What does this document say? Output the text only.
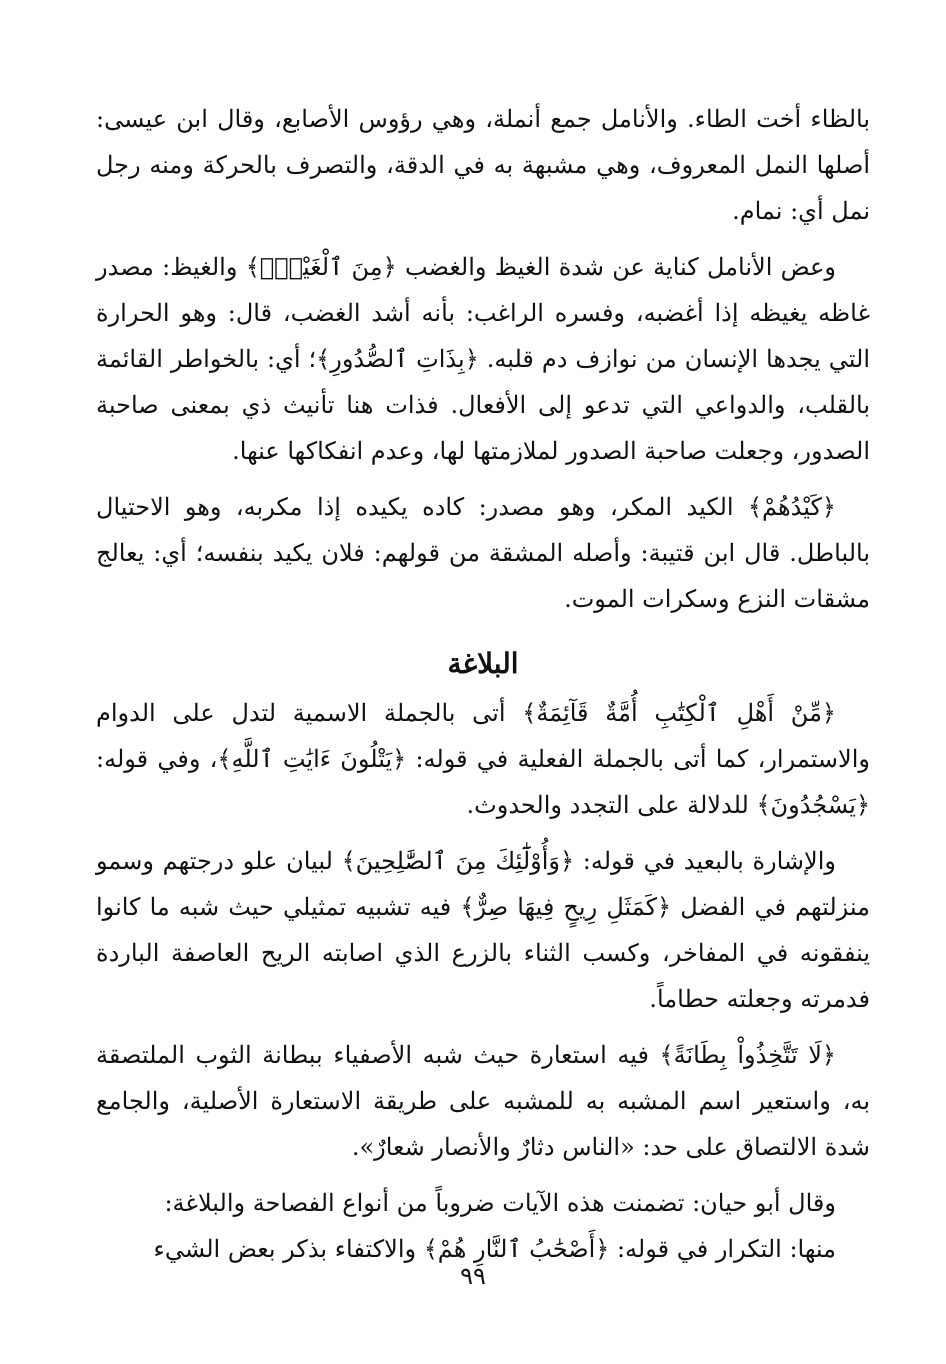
بالظاء أخت الطاء. والأنامل جمع أنملة، وهي رؤوس الأصابع، وقال ابن عيسى: أصلها النمل المعروف، وهي مشبهة به في الدقة، والتصرف بالحركة ومنه رجل نمل أي: نمام.

وعض الأنامل كناية عن شدة الغيظ والغضب ﴿مِنَ ٱلْغَيْظِۚ﴾ والغيظ: مصدر غاظه يغيظه إذا أغضبه، وفسره الراغب: بأنه أشد الغضب، قال: وهو الحرارة التي يجدها الإنسان من نوازف دم قلبه. ﴿بِذَاتِ ٱلصُّدُورِ﴾؛ أي: بالخواطر القائمة بالقلب، والدواعي التي تدعو إلى الأفعال. فذات هنا تأنيث ذي بمعنى صاحبة الصدور، وجعلت صاحبة الصدور لملازمتها لها، وعدم انفكاكها عنها.

﴿كَيْدُهُمْ﴾ الكيد المكر، وهو مصدر: كاده يكيده إذا مكربه، وهو الاحتيال بالباطل. قال ابن قتيبة: وأصله المشقة من قولهم: فلان يكيد بنفسه؛ أي: يعالج مشقات النزع وسكرات الموت.

البلاغة

﴿مِّنْ أَهْلِ ٱلْكِتَٰبِ أُمَّةٌ قَآئِمَةٌ﴾ أتى بالجملة الاسمية لتدل على الدوام والاستمرار، كما أتى بالجملة الفعلية في قوله: ﴿يَتْلُونَ ءَايَٰتِ ٱللَّهِ﴾، وفي قوله: ﴿يَسْجُدُونَ﴾ للدلالة على التجدد والحدوث.

والإشارة بالبعيد في قوله: ﴿وَأُوْلَٰٓئِكَ مِنَ ٱلصَّٰلِحِينَ﴾ لبيان علو درجتهم وسمو منزلتهم في الفضل ﴿كَمَثَلِ رِيحٍ فِيهَا صِرٌّ﴾ فيه تشبيه تمثيلي حيث شبه ما كانوا ينفقونه في المفاخر، وكسب الثناء بالزرع الذي اصابته الريح العاصفة الباردة فدمرته وجعلته حطاماً.

﴿لَا تَتَّخِذُواْ بِطَانَةً﴾ فيه استعارة حيث شبه الأصفياء ببطانة الثوب الملتصقة به، واستعير اسم المشبه به للمشبه على طريقة الاستعارة الأصلية، والجامع شدة الالتصاق على حد: «الناس دثارٌ والأنصار شعارٌ».

وقال أبو حيان: تضمنت هذه الآيات ضروباً من أنواع الفصاحة والبلاغة:

منها: التكرار في قوله: ﴿أَصْحَٰبُ ٱلنَّارِ هُمْ﴾ والاكتفاء بذكر بعض الشيء

٩٩
